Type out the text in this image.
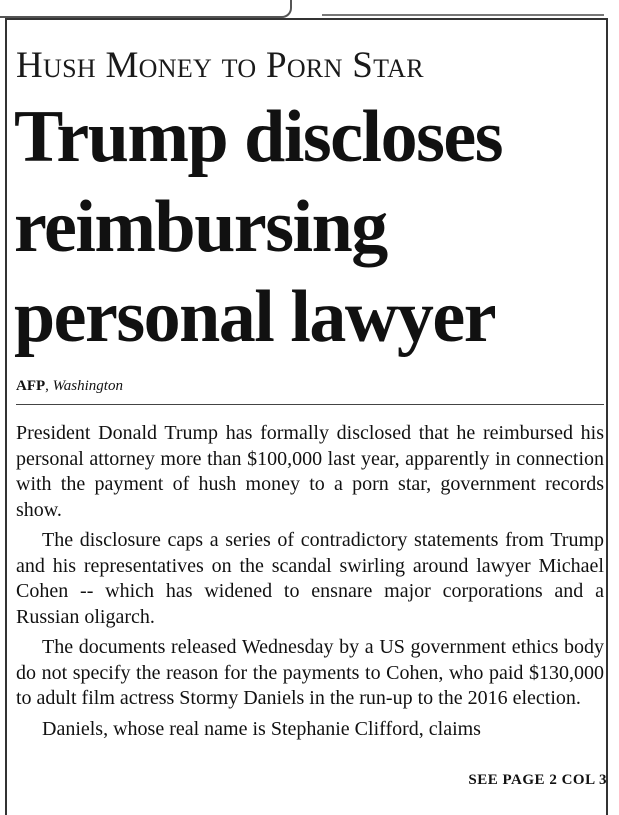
Hush Money to Porn Star
Trump discloses
reimbursing
personal lawyer
AFP, Washington

President Donald Trump has formally disclosed that he reimbursed his personal attorney more than $100,000 last year, apparently in connection with the payment of hush money to a porn star, government records show.

The disclosure caps a series of contradictory statements from Trump and his representatives on the scandal swirling around lawyer Michael Cohen -- which has widened to ensnare major corporations and a Russian oligarch.

The documents released Wednesday by a US government ethics body do not specify the reason for the payments to Cohen, who paid $130,000 to adult film actress Stormy Daniels in the run-up to the 2016 election.

Daniels, whose real name is Stephanie Clifford, claims

SEE PAGE 2 COL 3
